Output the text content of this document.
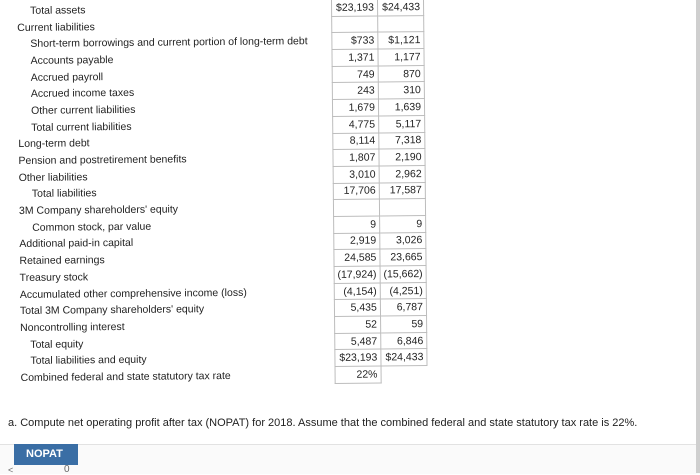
Total assets	$23,193	$24,433
Current liabilities		
Short-term borrowings and current portion of long-term debt	$733	$1,121
Accounts payable	1,371	1,177
Accrued payroll	749	870
Accrued income taxes	243	310
Other current liabilities	1,679	1,639
Total current liabilities	4,775	5,117
Long-term debt	8,114	7,318
Pension and postretirement benefits	1,807	2,190
Other liabilities	3,010	2,962
Total liabilities	17,706	17,587
3M Company shareholders' equity		
Common stock, par value	9	9
Additional paid-in capital	2,919	3,026
Retained earnings	24,585	23,665
Treasury stock	(17,924)	(15,662)
Accumulated other comprehensive income (loss)	(4,154)	(4,251)
Total 3M Company shareholders' equity	5,435	6,787
Noncontrolling interest	52	59
Total equity	5,487	6,846
Total liabilities and equity	$23,193	$24,433
Combined federal and state statutory tax rate	22%	
a. Compute net operating profit after tax (NOPAT) for 2018. Assume that the combined federal and state statutory tax rate is 22%.
NOPAT
0
<
